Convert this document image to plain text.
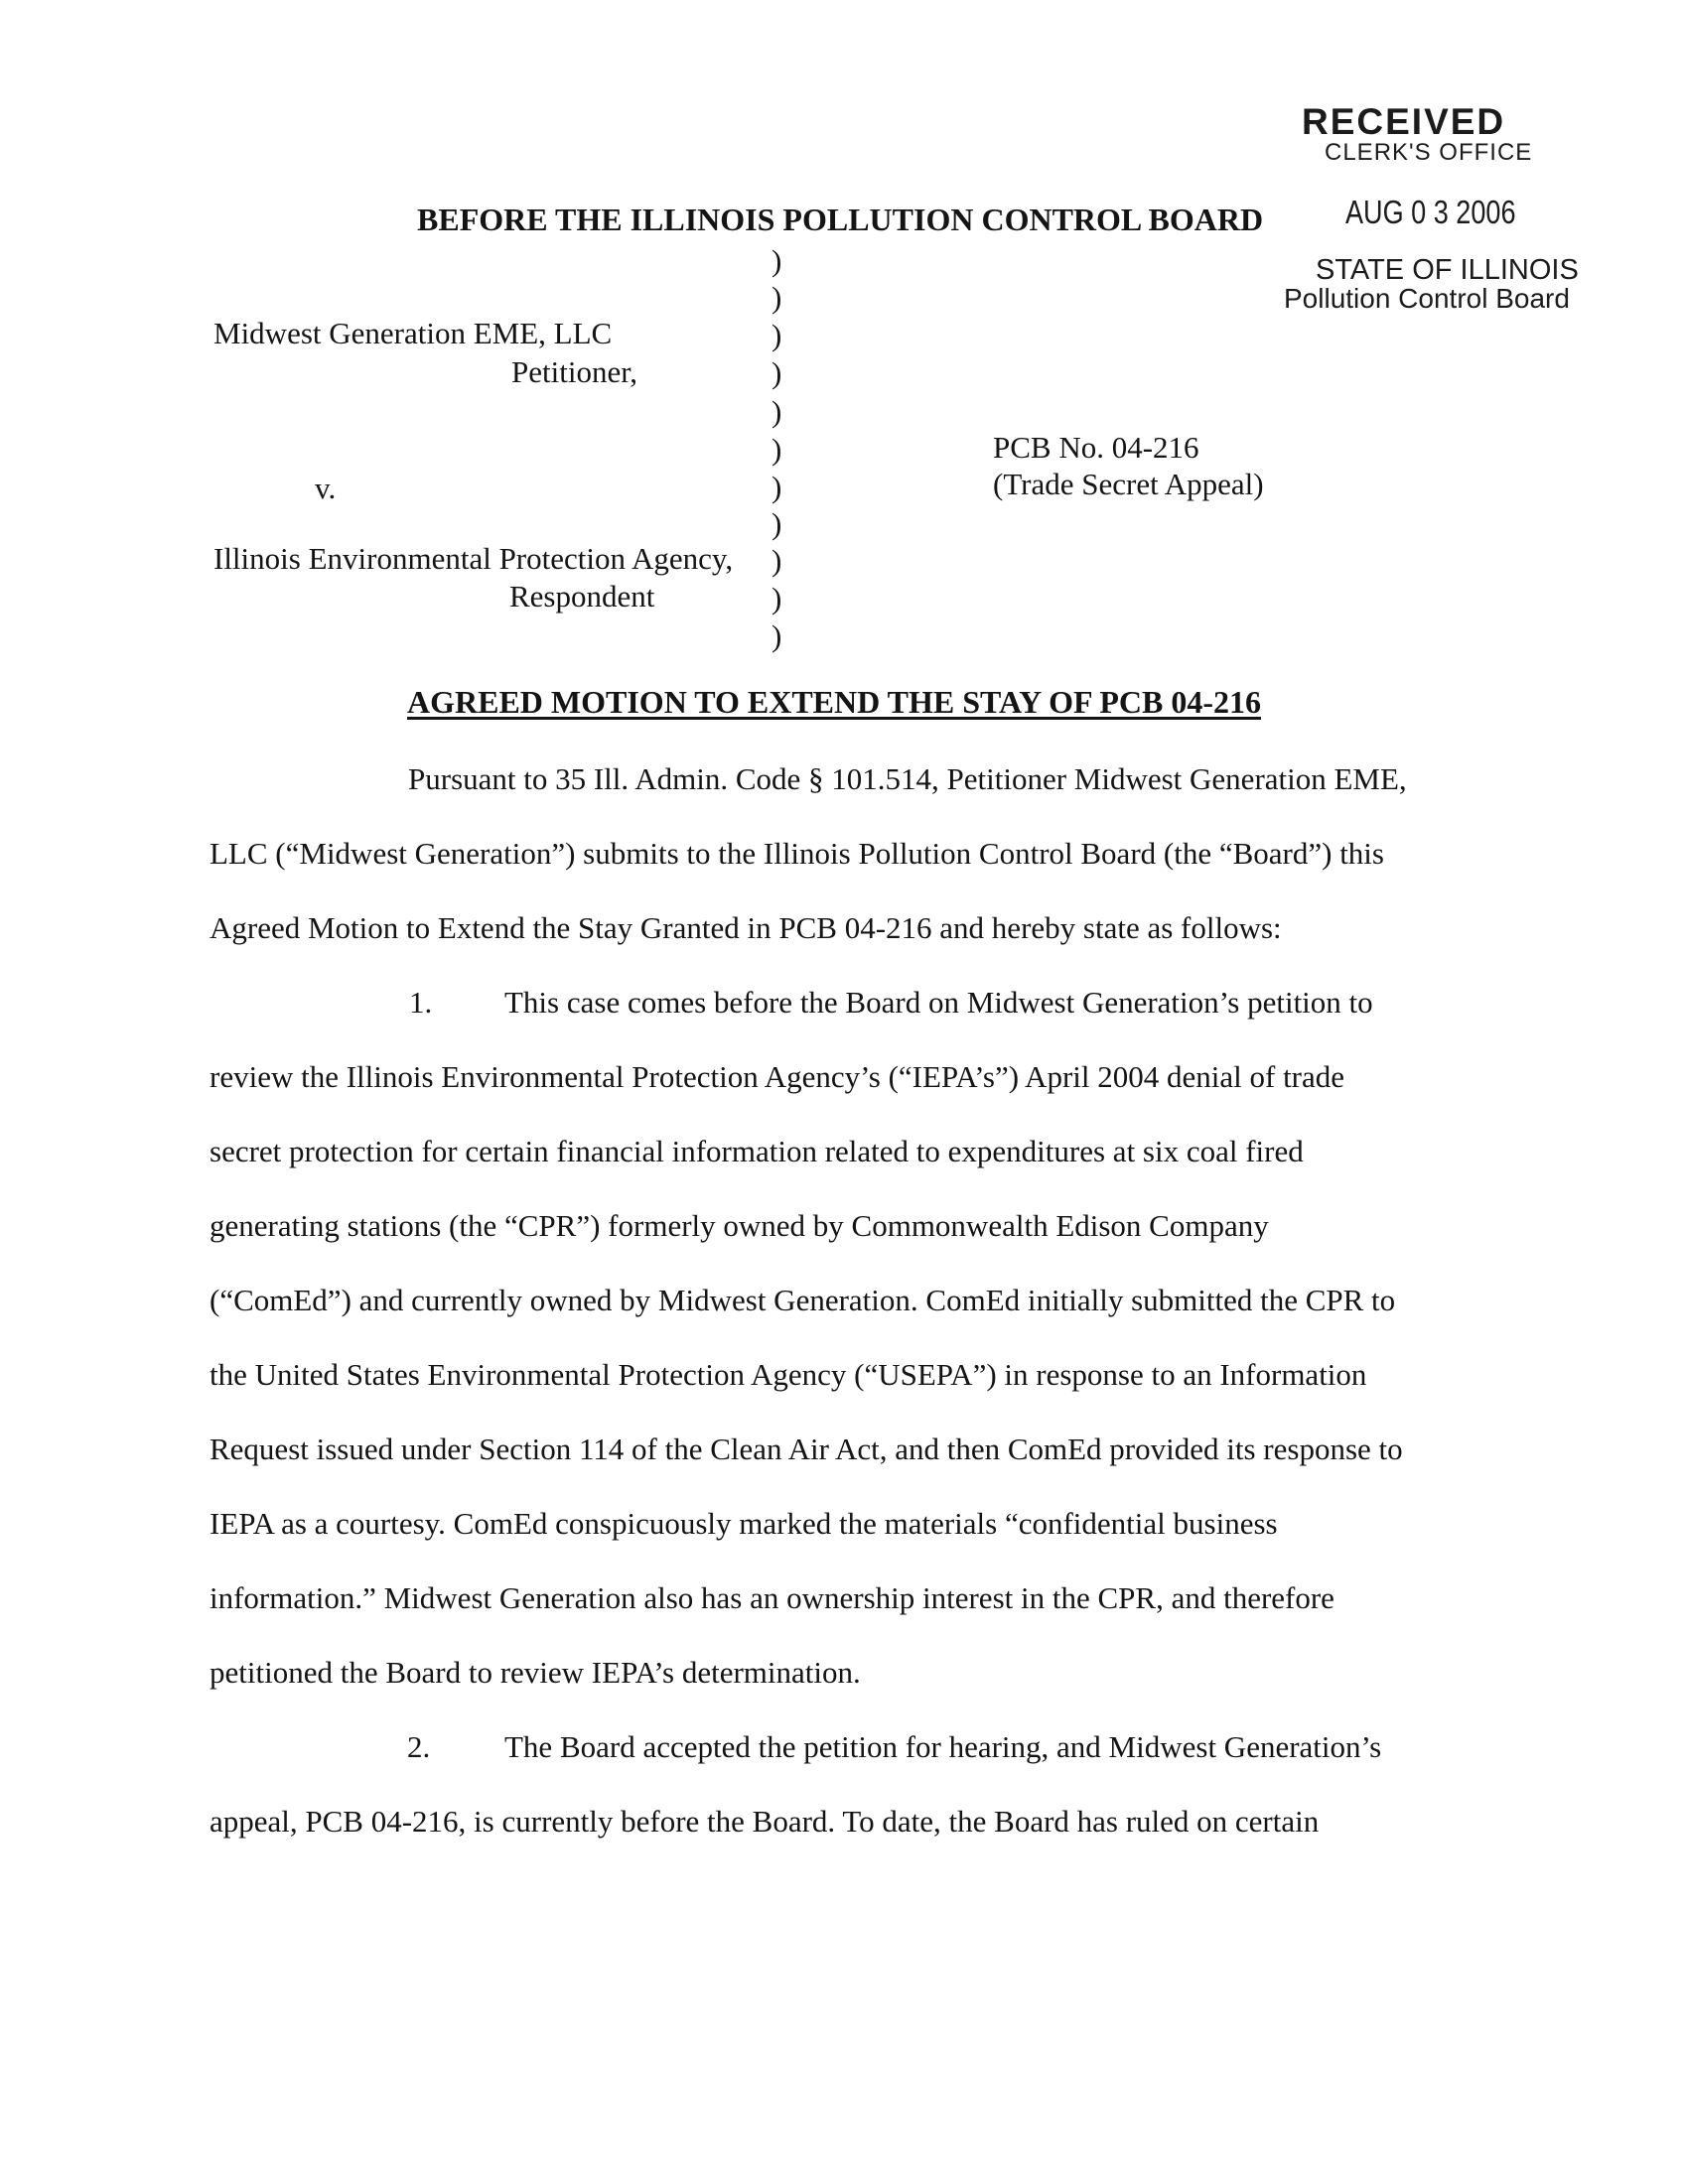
RECEIVED
CLERK'S OFFICE
AUG 0 3 2006
STATE OF ILLINOIS
Pollution Control Board
BEFORE THE ILLINOIS POLLUTION CONTROL BOARD
Midwest Generation EME, LLC
Petitioner,
v.
Illinois Environmental Protection Agency,
Respondent
)
)
)
)
)
)
)
)
)
)
)
PCB No. 04-216
(Trade Secret Appeal)
AGREED MOTION TO EXTEND THE STAY OF PCB 04-216
Pursuant to 35 Ill. Admin. Code § 101.514, Petitioner Midwest Generation EME,
LLC (“Midwest Generation”) submits to the Illinois Pollution Control Board (the “Board”) this
Agreed Motion to Extend the Stay Granted in PCB 04-216 and hereby state as follows:
1. This case comes before the Board on Midwest Generation’s petition to
review the Illinois Environmental Protection Agency’s (“IEPA’s”) April 2004 denial of trade
secret protection for certain financial information related to expenditures at six coal fired
generating stations (the “CPR”) formerly owned by Commonwealth Edison Company
(“ComEd”) and currently owned by Midwest Generation. ComEd initially submitted the CPR to
the United States Environmental Protection Agency (“USEPA”) in response to an Information
Request issued under Section 114 of the Clean Air Act, and then ComEd provided its response to
IEPA as a courtesy. ComEd conspicuously marked the materials “confidential business
information.” Midwest Generation also has an ownership interest in the CPR, and therefore
petitioned the Board to review IEPA’s determination.
2. The Board accepted the petition for hearing, and Midwest Generation’s
appeal, PCB 04-216, is currently before the Board. To date, the Board has ruled on certain
